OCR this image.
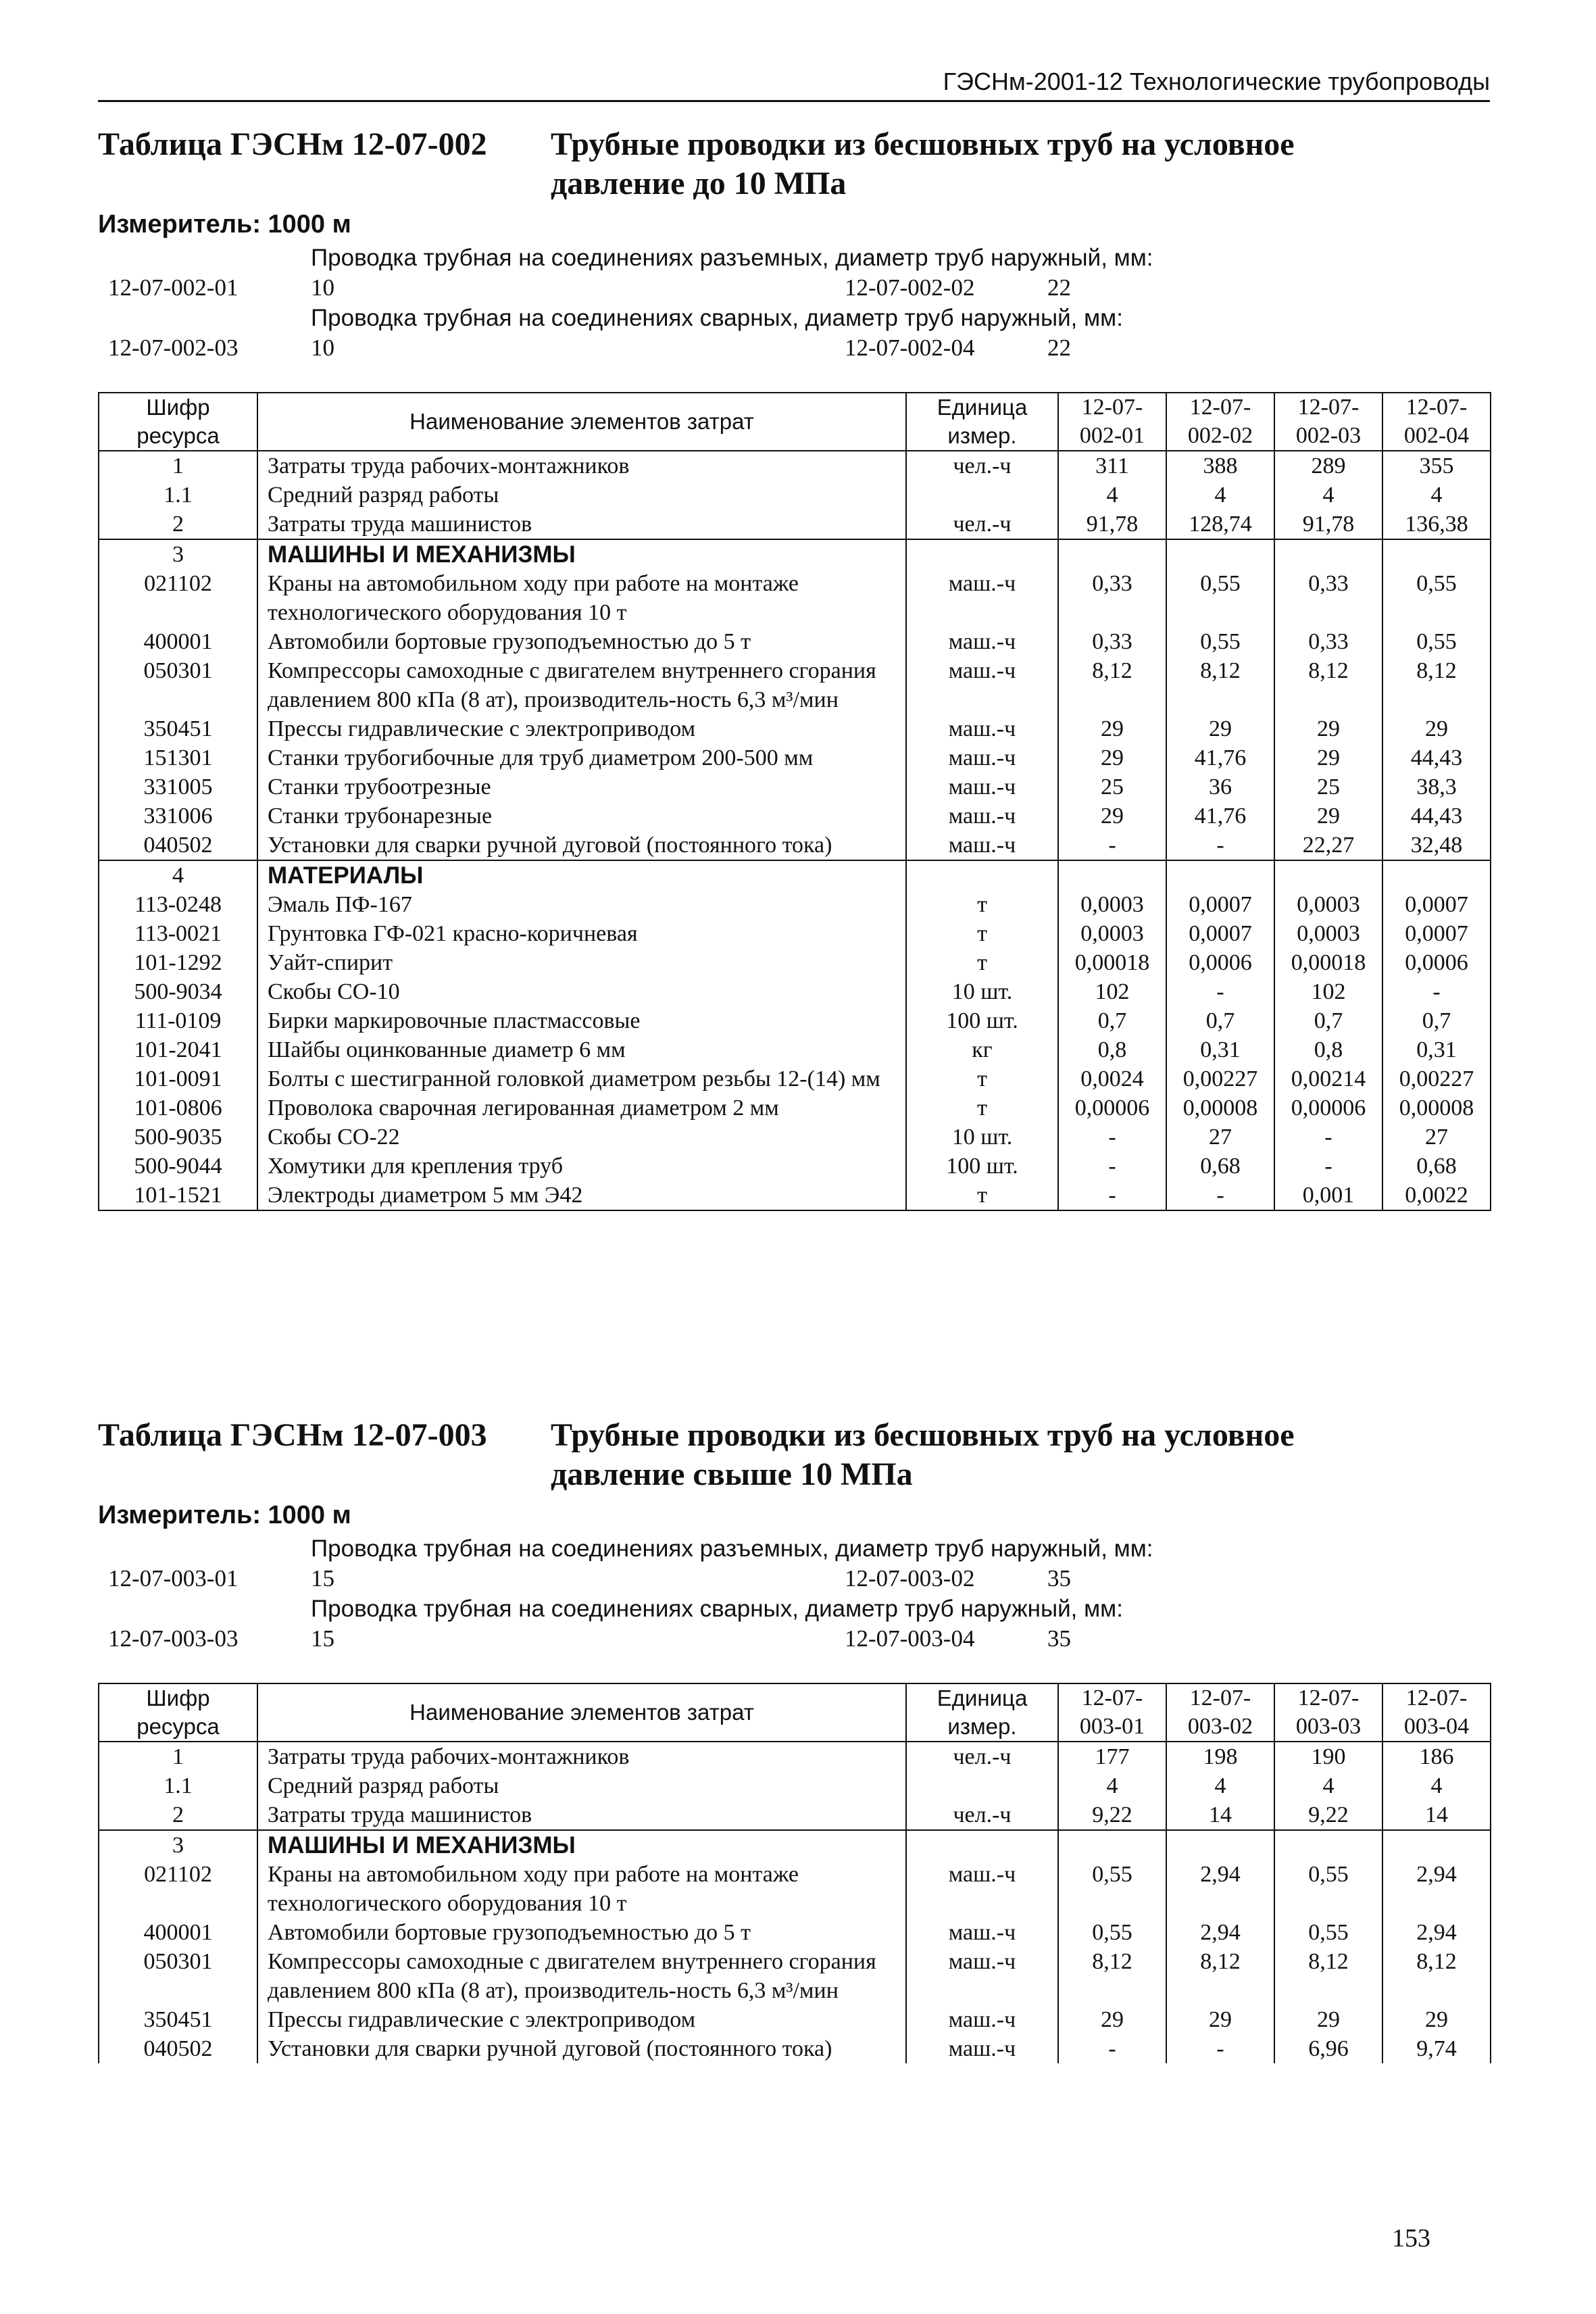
ГЭСНм-2001-12 Технологические трубопроводы
Таблица ГЭСНм 12-07-002 Трубные проводки из бесшовных труб на условное
давление до 10 МПа
Измеритель: 1000 м
Проводка трубная на соединениях разъемных, диаметр труб наружный, мм:
12-07-002-01	10	12-07-002-02	22
Проводка трубная на соединениях сварных, диаметр труб наружный, мм:
12-07-002-03	10	12-07-002-04	22
Шифр ресурса	Наименование элементов затрат	Единица измер.	12-07-002-01	12-07-002-02	12-07-002-03	12-07-002-04
1	Затраты труда рабочих-монтажников	чел.-ч	311	388	289	355
1.1	Средний разряд работы		4	4	4	4
2	Затраты труда машинистов	чел.-ч	91,78	128,74	91,78	136,38
3	МАШИНЫ И МЕХАНИЗМЫ					
021102	Краны на автомобильном ходу при работе на монтаже технологического оборудования 10 т	маш.-ч	0,33	0,55	0,33	0,55
400001	Автомобили бортовые грузоподъемностью до 5 т	маш.-ч	0,33	0,55	0,33	0,55
050301	Компрессоры самоходные с двигателем внутреннего сгорания давлением 800 кПа (8 ат), производитель-ность 6,3 м³/мин	маш.-ч	8,12	8,12	8,12	8,12
350451	Прессы гидравлические с электроприводом	маш.-ч	29	29	29	29
151301	Станки трубогибочные для труб диаметром 200-500 мм	маш.-ч	29	41,76	29	44,43
331005	Станки трубоотрезные	маш.-ч	25	36	25	38,3
331006	Станки трубонарезные	маш.-ч	29	41,76	29	44,43
040502	Установки для сварки ручной дуговой (постоянного тока)	маш.-ч	-	-	22,27	32,48
4	МАТЕРИАЛЫ					
113-0248	Эмаль ПФ-167	т	0,0003	0,0007	0,0003	0,0007
113-0021	Грунтовка ГФ-021 красно-коричневая	т	0,0003	0,0007	0,0003	0,0007
101-1292	Уайт-спирит	т	0,00018	0,0006	0,00018	0,0006
500-9034	Скобы СО-10	10 шт.	102	-	102	-
111-0109	Бирки маркировочные пластмассовые	100 шт.	0,7	0,7	0,7	0,7
101-2041	Шайбы оцинкованные диаметр 6 мм	кг	0,8	0,31	0,8	0,31
101-0091	Болты с шестигранной головкой диаметром резьбы 12-(14) мм	т	0,0024	0,00227	0,00214	0,00227
101-0806	Проволока сварочная легированная диаметром 2 мм	т	0,00006	0,00008	0,00006	0,00008
500-9035	Скобы СО-22	10 шт.	-	27	-	27
500-9044	Хомутики для крепления труб	100 шт.	-	0,68	-	0,68
101-1521	Электроды диаметром 5 мм Э42	т	-	-	0,001	0,0022
Таблица ГЭСНм 12-07-003 Трубные проводки из бесшовных труб на условное
давление свыше 10 МПа
Измеритель: 1000 м
Проводка трубная на соединениях разъемных, диаметр труб наружный, мм:
12-07-003-01	15	12-07-003-02	35
Проводка трубная на соединениях сварных, диаметр труб наружный, мм:
12-07-003-03	15	12-07-003-04	35
Шифр ресурса	Наименование элементов затрат	Единица измер.	12-07-003-01	12-07-003-02	12-07-003-03	12-07-003-04
1	Затраты труда рабочих-монтажников	чел.-ч	177	198	190	186
1.1	Средний разряд работы		4	4	4	4
2	Затраты труда машинистов	чел.-ч	9,22	14	9,22	14
3	МАШИНЫ И МЕХАНИЗМЫ					
021102	Краны на автомобильном ходу при работе на монтаже технологического оборудования 10 т	маш.-ч	0,55	2,94	0,55	2,94
400001	Автомобили бортовые грузоподъемностью до 5 т	маш.-ч	0,55	2,94	0,55	2,94
050301	Компрессоры самоходные с двигателем внутреннего сгорания давлением 800 кПа (8 ат), производитель-ность 6,3 м³/мин	маш.-ч	8,12	8,12	8,12	8,12
350451	Прессы гидравлические с электроприводом	маш.-ч	29	29	29	29
040502	Установки для сварки ручной дуговой (постоянного тока)	маш.-ч	-	-	6,96	9,74
153
